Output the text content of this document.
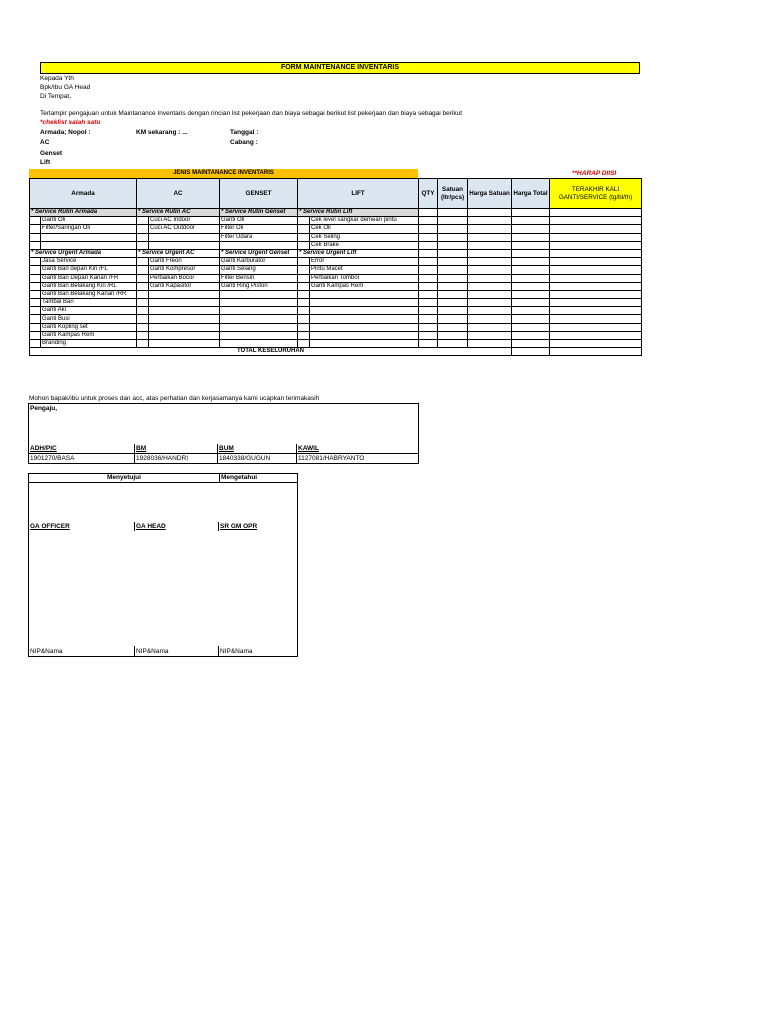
FORM MAINTENANCE INVENTARIS
Kepada Yth
Bpk/Ibu GA Head
Di Tempat,
Terlampir pengajuan untuk Maintanance Inventaris dengan rincian list pekerjaan dan biaya sebagai berikut list pekerjaan dan biaya sebagai berikut
*cheklist salah satu
Armada; Nopol :	KM sekarang : ...	Tanggal :
AC	Cabang :
Genset
Lift
JENIS MAINTANANCE INVENTARIS	**HARAP DIISI
Armada		AC		GENSET	LIFT		QTY	Satuan (ltr/pcs)	Harga Satuan	Harga Total	TERAKHIR KALI GANTI/SERVICE (tg/bl/th)
* Service Rutin Armada		* Service Rutin AC		* Service Rutin Genset	* Service Rutin Lift						
	Ganti Oli		Cuci AC Indoor	Ganti Oli		Cek level sangkar demean pintu					
	Filter/Saringan Oli		Cuci AC Outdoor	Filter Oli		Cek Oli					
				Filter Udara		Cek Seling					
						Cek Brake					
* Service Urgent Armada		* Service Urgent AC		* Service Urgent Genset	* Service Urgent Lift						
	Jasa Service		Ganti Freon	Ganti Karburator		Error					
	Ganti Ban depan Kiri /FL		Ganti Kompresor	Ganti Selang		Pintu Macet					
	Ganti Ban Depan Kanan /FR		Perbaikan Bocor	Filter Bensin		Perbaikan Tombol					
	Ganti Ban Belakang Kiri /RL		Ganti Kapasitor	Ganti Ring Piston		Ganti Kampas Rem					
	Ganti Ban Belakang Kanan /RR										
	Tambal Ban										
	Ganti Aki										
	Ganti Busi										
	Ganti Kopling set										
	Ganti Kampas Rem										
	Branding										
TOTAL KESELURUHAN											
Mohon bapak/ibu untuk proses dan acc, atas perhatian dan kerjasamanya kami ucapkan terimakasih
Pengaju,
ADH/PIC	BM	BUM	KAWIL
1901270/BASA	1928036/HANDRI	1840338/GUGUN	1127081/HABRYANTO
Menyetujui	Mengetahui
GA OFFICER	GA HEAD	SR GM OPR
NIP&Nama	NIP&Nama	NIP&Nama
